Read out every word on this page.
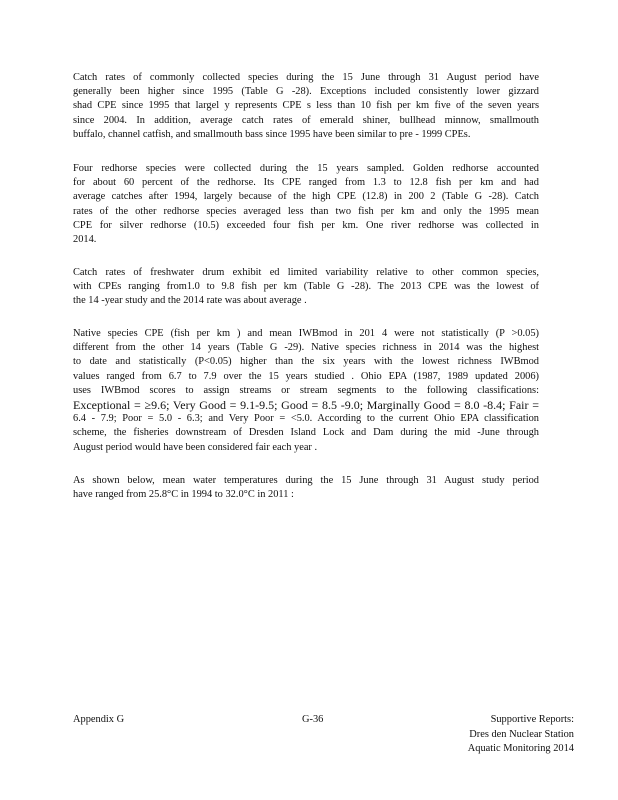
Catch rates of commonly collected species during the 15 June through 31 August period have
generally been higher since 1995 (Table G -28). Exceptions included consistently lower gizzard
shad CPE since 1995 that largel y represents CPE s less than 10 fish per km five of the seven years
since 2004. In addition, average catch rates of emerald shiner, bullhead minnow, smallmouth
buffalo, channel catfish, and smallmouth bass since 1995 have been similar to pre - 1999 CPEs.
Four redhorse species were collected during the 15 years sampled. Golden redhorse accounted
for about 60 percent of the redhorse. Its CPE ranged from 1.3 to 12.8 fish per km and had
average catches after 1994, largely because of the high CPE (12.8) in 200 2 (Table G -28). Catch
rates of the other redhorse species averaged less than two fish per km and only the 1995 mean
CPE for silver redhorse (10.5) exceeded four fish per km. One river redhorse was collected in
2014.
Catch rates of freshwater drum exhibit ed limited variability relative to other common species,
with CPEs ranging from1.0 to 9.8 fish per km (Table G -28). The 2013 CPE was the lowest of
the 14 -year study and the 2014 rate was about average .
Native species CPE (fish per km ) and mean IWBmod in 201 4 were not statistically (P >0.05)
different from the other 14 years (Table G -29). Native species richness in 2014 was the highest
to date and statistically (P<0.05) higher than the six years with the lowest richness IWBmod
values ranged from 6.7 to 7.9 over the 15 years studied . Ohio EPA (1987, 1989 updated 2006)
uses IWBmod scores to assign streams or stream segments to the following classifications:
Exceptional = ≥9.6; Very Good = 9.1-9.5; Good = 8.5 -9.0; Marginally Good = 8.0 -8.4; Fair =
6.4 - 7.9; Poor = 5.0 - 6.3; and Very Poor = <5.0. According to the current Ohio EPA classification
scheme, the fisheries downstream of Dresden Island Lock and Dam during the mid -June through
August period would have been considered fair each year .
As shown below, mean water temperatures during the 15 June through 31 August study period
have ranged from 25.8°C in 1994 to 32.0°C in 2011 :
Appendix G	G-36	Supportive Reports:
Dres den Nuclear Station
Aquatic Monitoring 2014
